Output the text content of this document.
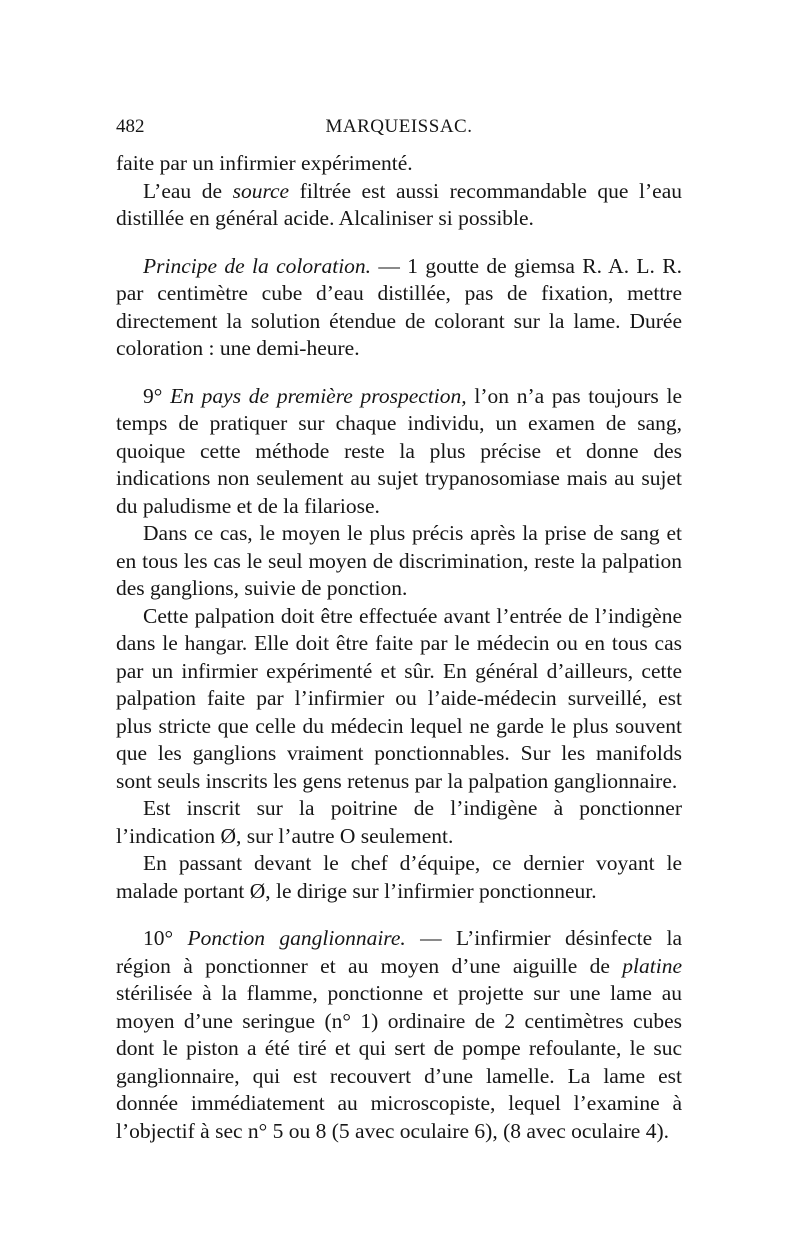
482	MARQUEISSAC.

faite par un infirmier expérimenté.

L’eau de source filtrée est aussi recommandable que l’eau distillée en général acide. Alcaliniser si possible.

Principe de la coloration. — 1 goutte de giemsa R. A. L. R. par centimètre cube d’eau distillée, pas de fixation, mettre directement la solution étendue de colorant sur la lame. Durée coloration : une demi-heure.

9° En pays de première prospection, l’on n’a pas toujours le temps de pratiquer sur chaque individu, un examen de sang, quoique cette méthode reste la plus précise et donne des indications non seulement au sujet trypanosomiase mais au sujet du paludisme et de la filariose.

Dans ce cas, le moyen le plus précis après la prise de sang et en tous les cas le seul moyen de discrimination, reste la palpation des ganglions, suivie de ponction.

Cette palpation doit être effectuée avant l’entrée de l’indigène dans le hangar. Elle doit être faite par le médecin ou en tous cas par un infirmier expérimenté et sûr. En général d’ailleurs, cette palpation faite par l’infirmier ou l’aide-médecin surveillé, est plus stricte que celle du médecin lequel ne garde le plus souvent que les ganglions vraiment ponctionnables. Sur les manifolds sont seuls inscrits les gens retenus par la palpation ganglionnaire.

Est inscrit sur la poitrine de l’indigène à ponctionner l’indication Ø, sur l’autre O seulement.

En passant devant le chef d’équipe, ce dernier voyant le malade portant Ø, le dirige sur l’infirmier ponctionneur.

10° Ponction ganglionnaire. — L’infirmier désinfecte la région à ponctionner et au moyen d’une aiguille de platine stérilisée à la flamme, ponctionne et projette sur une lame au moyen d’une seringue (n° 1) ordinaire de 2 centimètres cubes dont le piston a été tiré et qui sert de pompe refoulante, le suc ganglionnaire, qui est recouvert d’une lamelle. La lame est donnée immédiatement au microscopiste, lequel l’examine à l’objectif à sec n° 5 ou 8 (5 avec oculaire 6), (8 avec oculaire 4).
